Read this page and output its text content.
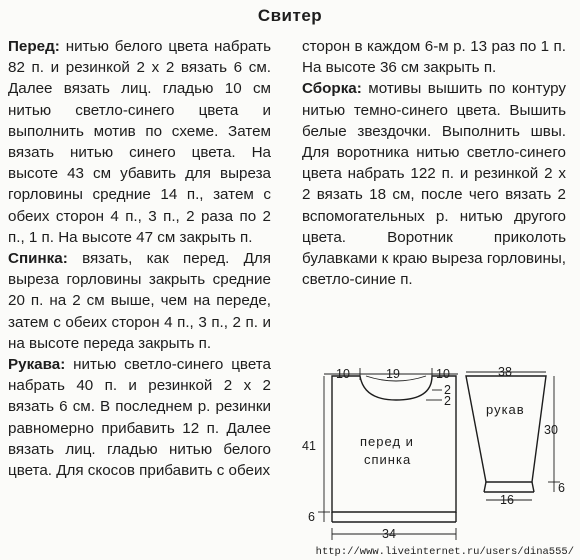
Свитер

Перед: нитью белого цвета набрать 82 п. и резинкой 2 х 2 вязать 6 см. Далее вязать лиц. гладью 10 см нитью светло-синего цвета и выполнить мотив по схеме. Затем вязать нитью синего цвета. На высоте 43 см убавить для выреза горловины средние 14 п., затем с обеих сторон 4 п., 3 п., 2 раза по 2 п., 1 п. На высоте 47 см закрыть п.

Спинка: вязать, как перед. Для выреза горловины закрыть средние 20 п. на 2 см выше, чем на переде, затем с обеих сторон 4 п., 3 п., 2 п. и на высоте переда закрыть п.

Рукава: нитью светло-синего цвета набрать 40 п. и резинкой 2 х 2 вязать 6 см. В последнем р. резинки равномерно прибавить 12 п. Далее вязать лиц. гладью нитью белого цвета. Для скосов прибавить с обеих

сторон в каждом 6-м р. 13 раз по 1 п. На высоте 36 см закрыть п.

Сборка: мотивы вышить по контуру нитью темно-синего цвета. Вышить белые звездочки. Выполнить швы. Для воротника нитью светло-синего цвета набрать 122 п. и резинкой 2 х 2 вязать 18 см, после чего вязать 2 вспомогательных р. нитью другого цвета. Воротник приколоть булавками к краю выреза горловины, светло-синие п.

10	19	10
2
2
41
6
34
перед и
спинка
38
рукав
30
6
16
http://www.liveinternet.ru/users/dina555/
